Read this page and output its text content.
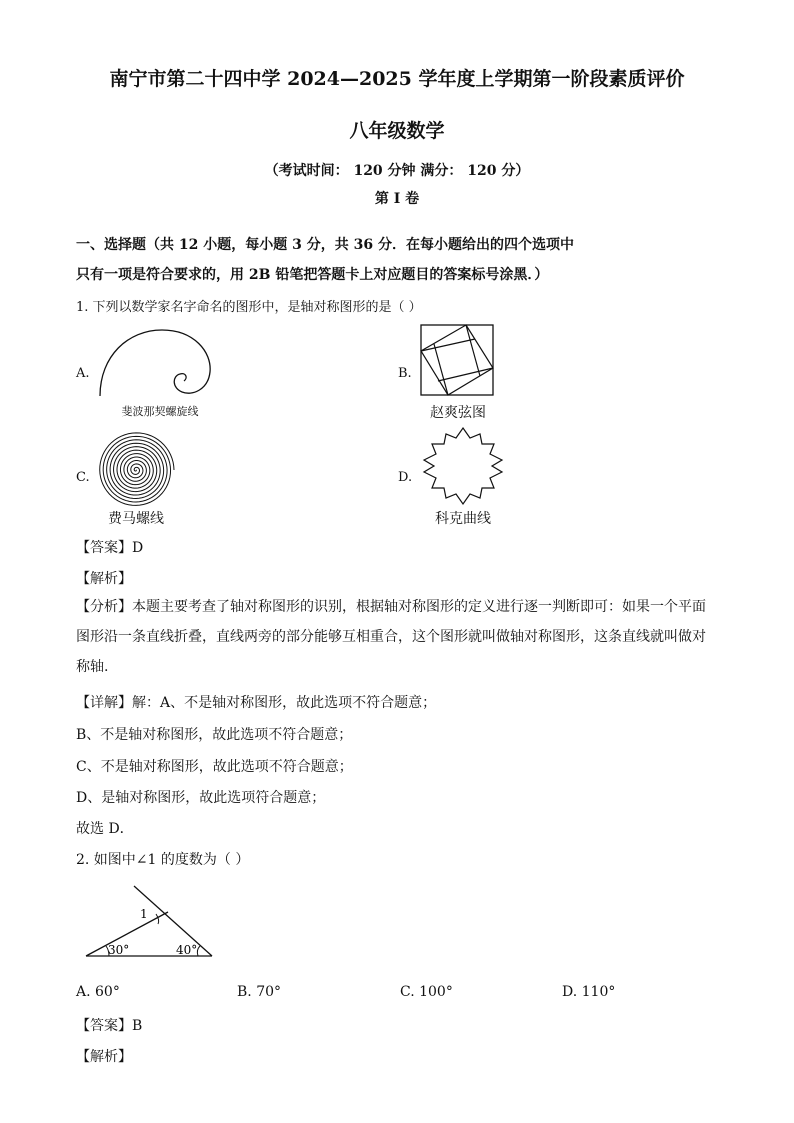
南宁市第二十四中学 2024—2025 学年度上学期第一阶段素质评价
八年级数学
（考试时间： 120 分钟 满分： 120 分）
第 I 卷
一、选择题（共 12 小题，每小题 3 分，共 36 分．在每小题给出的四个选项中
只有一项是符合要求的，用 2B 铅笔把答题卡上对应题目的答案标号涂黑．）
1. 下列以数学家名字命名的图形中，是轴对称图形的是（ ）
A.
斐波那契螺旋线
B.
赵爽弦图
C.
费马螺线
D.
科克曲线
【答案】D
【解析】
【分析】本题主要考查了轴对称图形的识别，根据轴对称图形的定义进行逐一判断即可：如果一个平面图形沿一条直线折叠，直线两旁的部分能够互相重合，这个图形就叫做轴对称图形，这条直线就叫做对称轴.
【详解】解：A、不是轴对称图形，故此选项不符合题意；
B、不是轴对称图形，故此选项不符合题意；
C、不是轴对称图形，故此选项不符合题意；
D、是轴对称图形，故此选项符合题意；
故选 D．
2. 如图中∠1 的度数为（ ）
1
30°	40°
A. 60°	B. 70°	C. 100°	D. 110°
【答案】B
【解析】
